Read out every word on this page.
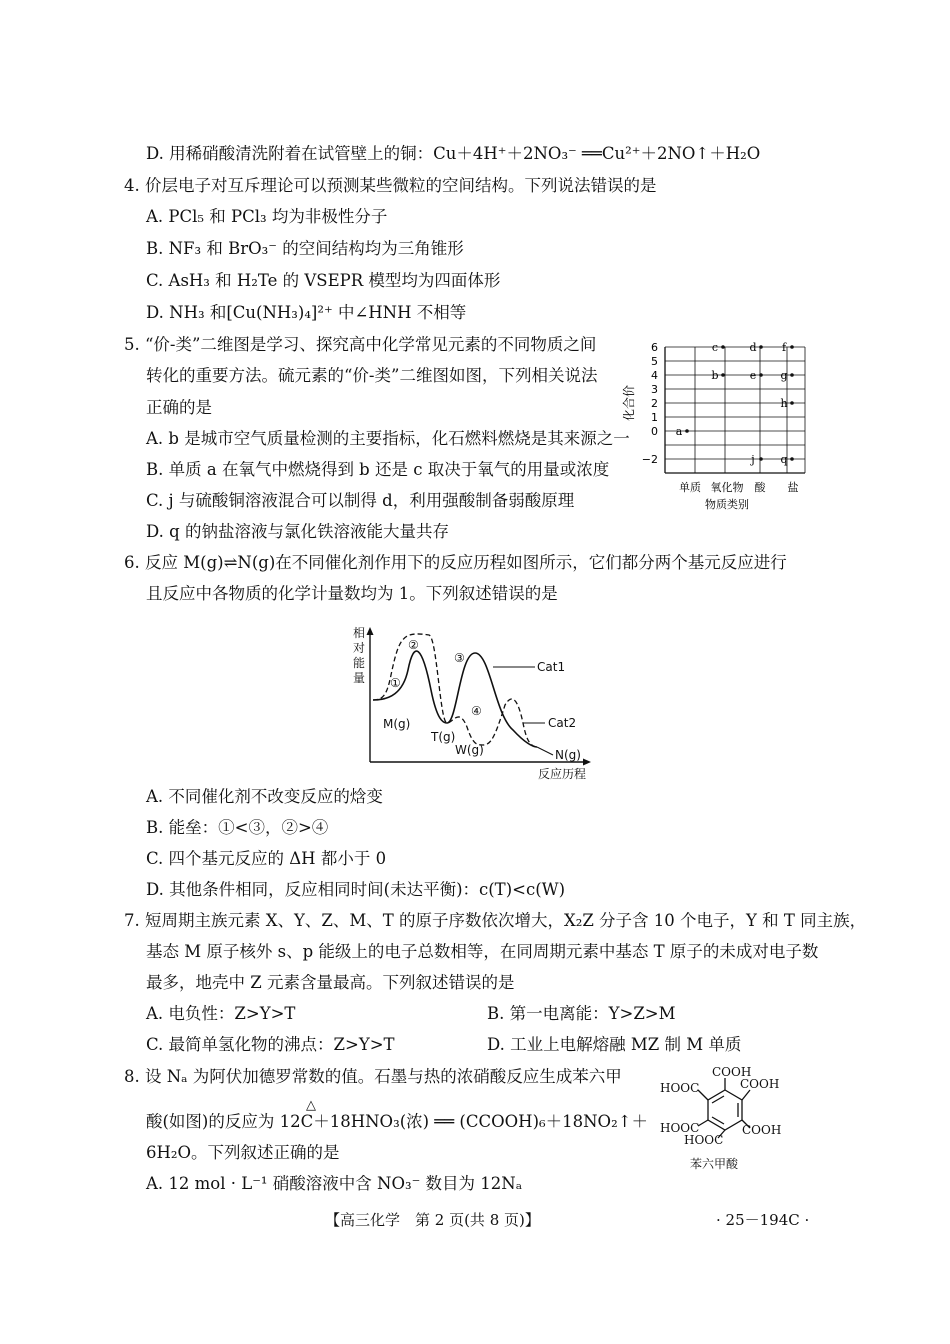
D. 用稀硝酸清洗附着在试管壁上的铜：Cu＋4H⁺＋2NO₃⁻ ══Cu²⁺＋2NO↑＋H₂O
4. 价层电子对互斥理论可以预测某些微粒的空间结构。下列说法错误的是
A. PCl₅ 和 PCl₃ 均为非极性分子
B. NF₃ 和 BrO₃⁻ 的空间结构均为三角锥形
C. AsH₃ 和 H₂Te 的 VSEPR 模型均为四面体形
D. NH₃ 和[Cu(NH₃)₄]²⁺ 中∠HNH 不相等
5. “价-类”二维图是学习、探究高中化学常见元素的不同物质之间
转化的重要方法。硫元素的“价-类”二维图如图，下列相关说法
正确的是
A. b 是城市空气质量检测的主要指标，化石燃料燃烧是其来源之一
B. 单质 a 在氧气中燃烧得到 b 还是 c 取决于氧气的用量或浓度
C. j 与硫酸铜溶液混合可以制得 d，利用强酸制备弱酸原理
D. q 的钠盐溶液与氯化铁溶液能大量共存
6
5
4
3
2
1
0
−2
化合价
单质 氧化物 酸 盐
物质类别
a
c
b
d
e
j
f
g
h
q
6. 反应 M(g)⇌N(g)在不同催化剂作用下的反应历程如图所示，它们都分两个基元反应进行
且反应中各物质的化学计量数均为 1。下列叙述错误的是
相
对
能
量 ①
②
③
④
M(g)
T(g)
W(g)	N(g)
Cat1
Cat2
反应历程
A. 不同催化剂不改变反应的焓变
B. 能垒：①<③，②>④
C. 四个基元反应的 ΔH 都小于 0
D. 其他条件相同，反应相同时间(未达平衡)：c(T)<c(W)
7. 短周期主族元素 X、Y、Z、M、T 的原子序数依次增大，X₂Z 分子含 10 个电子，Y 和 T 同主族，
基态 M 原子核外 s、p 能级上的电子总数相等，在同周期元素中基态 T 原子的未成对电子数
最多，地壳中 Z 元素含量最高。下列叙述错误的是
A. 电负性：Z>Y>T	B. 第一电离能：Y>Z>M
C. 最简单氢化物的沸点：Z>Y>T	D. 工业上电解熔融 MZ 制 M 单质
8. 设 Nₐ 为阿伏加德罗常数的值。石墨与热的浓硝酸反应生成苯六甲
△
酸(如图)的反应为 12C＋18HNO₃(浓) ══ (CCOOH)₆＋18NO₂↑＋
6H₂O。下列叙述正确的是
A. 12 mol · L⁻¹ 硝酸溶液中含 NO₃⁻ 数目为 12Nₐ
COOH
COOH
HOOC
COOH
HOOC
HOOC
苯六甲酸
【高三化学　第 2 页(共 8 页)】	· 25－194C ·
